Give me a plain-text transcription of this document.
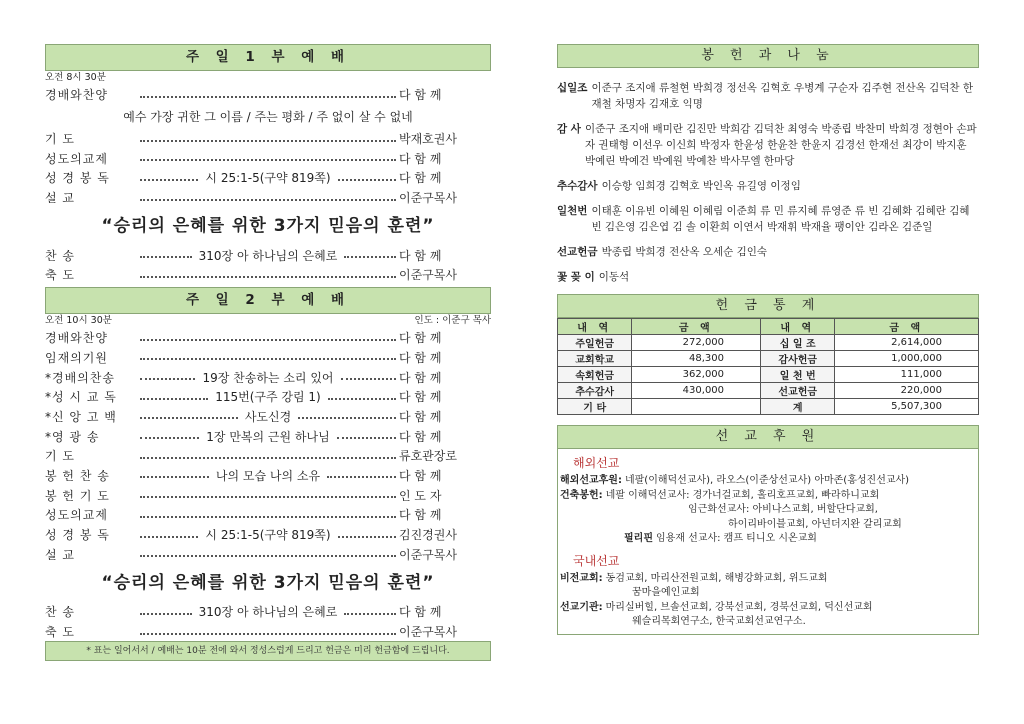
주 일 1 부 예 배
오전 8시 30분
경배와찬양	다 함 께
예수 가장 귀한 그 이름 / 주는 평화 / 주 없이 살 수 없네
기 도	박재호권사
성도의교제	다 함 께
성 경 봉 독	시 25:1-5(구약 819쪽)	다 함 께
설 교	이준구목사
“승리의 은혜를 위한 3가지 믿음의 훈련”
찬 송	310장 아 하나님의 은혜로	다 함 께
축 도	이준구목사
주 일 2 부 예 배
오전 10시 30분	인도 : 이준구 목사
경배와찬양	다 함 께
임재의기원	다 함 께
*경배의찬송	19장 찬송하는 소리 있어	다 함 께
*성 시 교 독	115번(구주 강림 1)	다 함 께
*신 앙 고 백	사도신경	다 함 께
*영 광 송	1장 만복의 근원 하나님	다 함 께
기 도	류호관장로
봉 헌 찬 송	나의 모습 나의 소유	다 함 께
봉 헌 기 도	인 도 자
성도의교제	다 함 께
성 경 봉 독	시 25:1-5(구약 819쪽)	김진경권사
설 교	이준구목사
“승리의 은혜를 위한 3가지 믿음의 훈련”
찬 송	310장 아 하나님의 은혜로	다 함 께
축 도	이준구목사
* 표는 일어서서 / 예배는 10분 전에 와서 정성스럽게 드리고 헌금은 미리 헌금함에 드립니다.
봉 헌 과 나 눔
십일조 이준구 조지애 류철현 박희경 정선옥 김혁호 우병계 구순자 김주현 전산옥 김덕찬 한재철 차명자 김재호 익명
감 사 이준구 조지애 배미란 김진만 박희감 김덕찬 최영숙 박종립 박찬미 박희경 정현아 손파자 권태형 이선우 이신희 박정자 한윤성 한윤찬 한윤지 김경선 한재선 최강이 박지훈 박예린 박예건 박예원 박예찬 박사무엘 한마당
추수감사 이승항 임희경 김혁호 박인옥 유길영 이정임
일천번 이태훈 이유빈 이혜원 이혜림 이준희 류 민 류지혜 류영준 류 빈 김혜화 김혜란 김혜빈 김은영 김은엽 김 솔 이환희 이연서 박재휘 박재율 팽이안 김라온 김준일
선교헌금 박종립 박희경 전산옥 오세순 김인숙
꽃 꽂 이 이동석
헌 금 통 계
내 역	금 액	내 역	금 액
주일헌금	272,000	십 일 조	2,614,000
교회학교	48,300	감사헌금	1,000,000
속회헌금	362,000	일 천 번	111,000
추수감사	430,000	선교헌금	220,000
기 타		계	5,507,300
선 교 후 원
해외선교
해외선교후원: 네팔(이해덕선교사), 라오스(이준상선교사) 아마존(홍성진선교사)
건축봉헌: 네팔 이해덕선교사: 경가너걸교회, 홀리호프교회, 빠라하니교회
임근화선교사: 아비나스교회, 버할단다교회,
하이리바이블교회, 아넌더지완 갈리교회
필리핀 임용재 선교사: 캠프 티니오 시온교회
국내선교
비전교회: 동검교회, 마리산전원교회, 해병강화교회, 위드교회
꿈마을예인교회
선교기관: 마리실버힐, 브솔선교회, 강북선교회, 경북선교회, 덕신선교회
웨슬리목회연구소, 한국교회선교연구소.
